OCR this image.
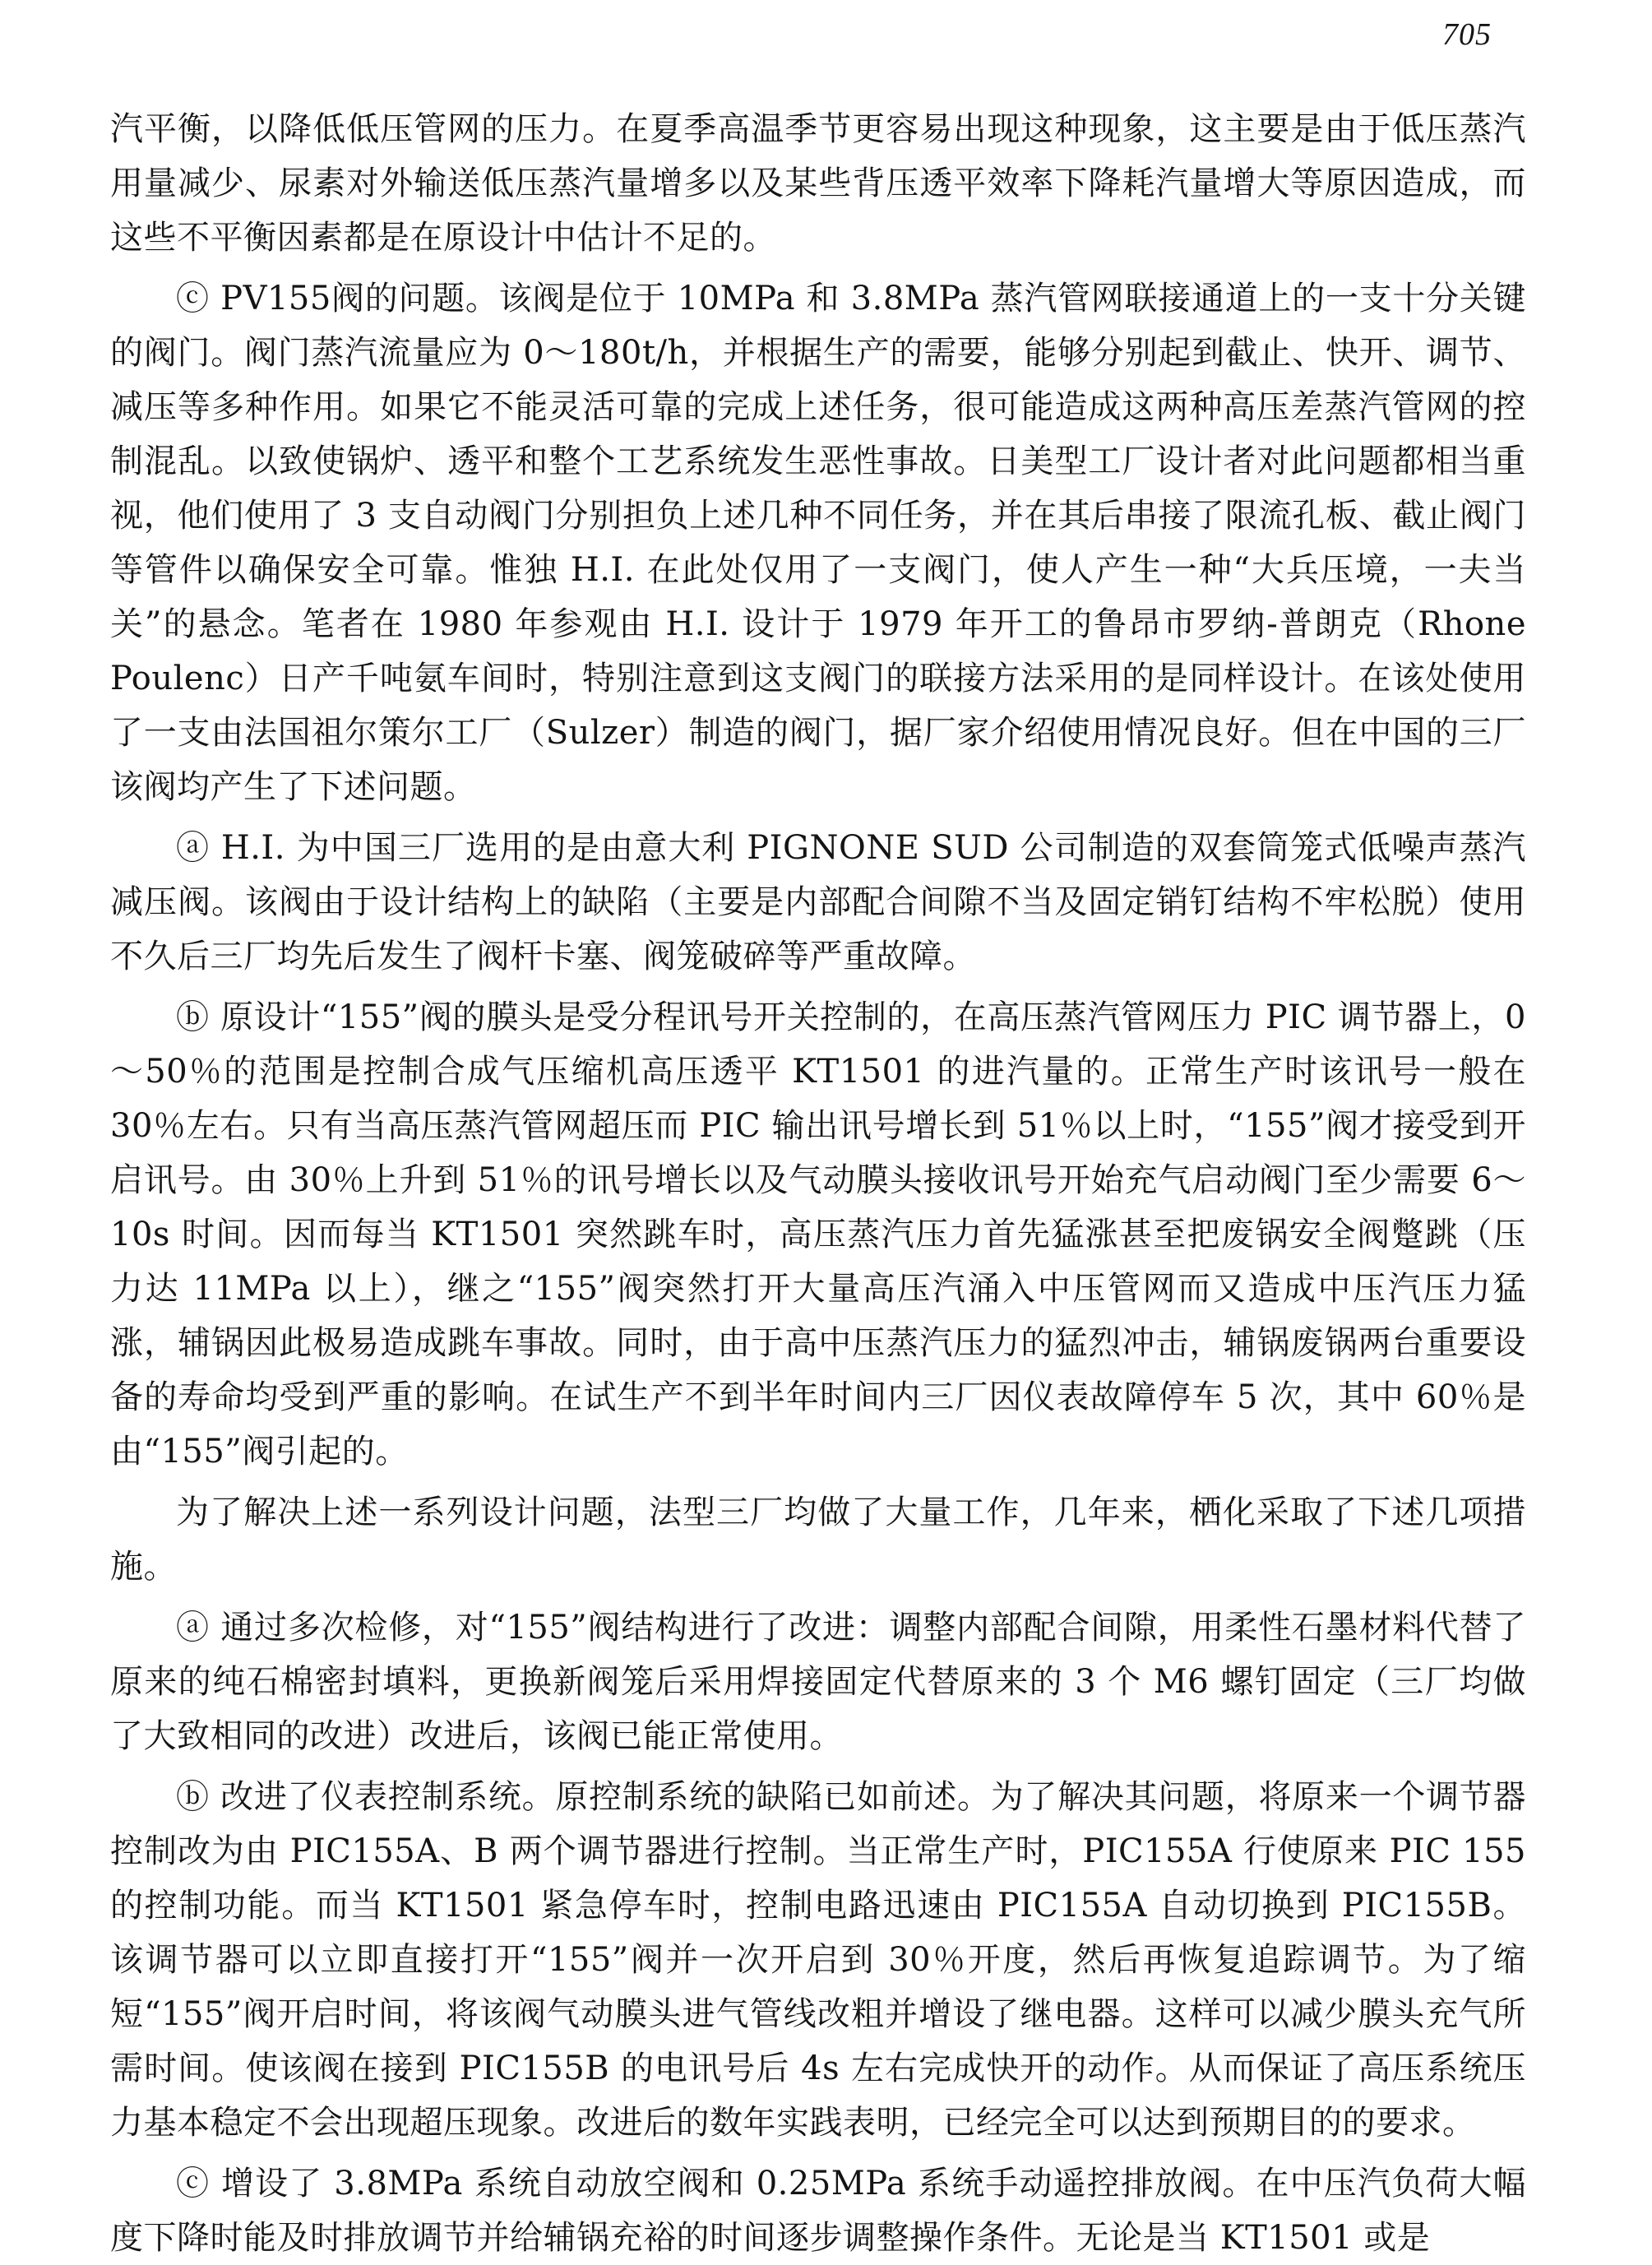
705

汽平衡，以降低低压管网的压力。在夏季高温季节更容易出现这种现象，这主要是由于低压蒸汽用量减少、尿素对外输送低压蒸汽量增多以及某些背压透平效率下降耗汽量增大等原因造成，而这些不平衡因素都是在原设计中估计不足的。

ⓒ PV155阀的问题。该阀是位于 10MPa 和 3.8MPa 蒸汽管网联接通道上的一支十分关键的阀门。阀门蒸汽流量应为 0～180t/h，并根据生产的需要，能够分别起到截止、快开、调节、减压等多种作用。如果它不能灵活可靠的完成上述任务，很可能造成这两种高压差蒸汽管网的控制混乱。以致使锅炉、透平和整个工艺系统发生恶性事故。日美型工厂设计者对此问题都相当重视，他们使用了 3 支自动阀门分别担负上述几种不同任务，并在其后串接了限流孔板、截止阀门等管件以确保安全可靠。惟独 H.I. 在此处仅用了一支阀门，使人产生一种“大兵压境，一夫当关”的悬念。笔者在 1980 年参观由 H.I. 设计于 1979 年开工的鲁昂市罗纳-普朗克（Rhone Poulenc）日产千吨氨车间时，特别注意到这支阀门的联接方法采用的是同样设计。在该处使用了一支由法国祖尔策尔工厂（Sulzer）制造的阀门，据厂家介绍使用情况良好。但在中国的三厂该阀均产生了下述问题。

ⓐ H.I. 为中国三厂选用的是由意大利 PIGNONE SUD 公司制造的双套筒笼式低噪声蒸汽减压阀。该阀由于设计结构上的缺陷（主要是内部配合间隙不当及固定销钉结构不牢松脱）使用不久后三厂均先后发生了阀杆卡塞、阀笼破碎等严重故障。

ⓑ 原设计“155”阀的膜头是受分程讯号开关控制的，在高压蒸汽管网压力 PIC 调节器上，0～50％的范围是控制合成气压缩机高压透平 KT1501 的进汽量的。正常生产时该讯号一般在 30％左右。只有当高压蒸汽管网超压而 PIC 输出讯号增长到 51％以上时，“155”阀才接受到开启讯号。由 30％上升到 51％的讯号增长以及气动膜头接收讯号开始充气启动阀门至少需要 6～10s 时间。因而每当 KT1501 突然跳车时，高压蒸汽压力首先猛涨甚至把废锅安全阀蹩跳（压力达 11MPa 以上），继之“155”阀突然打开大量高压汽涌入中压管网而又造成中压汽压力猛涨，辅锅因此极易造成跳车事故。同时，由于高中压蒸汽压力的猛烈冲击，辅锅废锅两台重要设备的寿命均受到严重的影响。在试生产不到半年时间内三厂因仪表故障停车 5 次，其中 60％是由“155”阀引起的。

为了解决上述一系列设计问题，法型三厂均做了大量工作，几年来，栖化采取了下述几项措施。

ⓐ 通过多次检修，对“155”阀结构进行了改进：调整内部配合间隙，用柔性石墨材料代替了原来的纯石棉密封填料，更换新阀笼后采用焊接固定代替原来的 3 个 M6 螺钉固定（三厂均做了大致相同的改进）改进后，该阀已能正常使用。

ⓑ 改进了仪表控制系统。原控制系统的缺陷已如前述。为了解决其问题，将原来一个调节器控制改为由 PIC155A、B 两个调节器进行控制。当正常生产时，PIC155A 行使原来 PIC 155 的控制功能。而当 KT1501 紧急停车时，控制电路迅速由 PIC155A 自动切换到 PIC155B。该调节器可以立即直接打开“155”阀并一次开启到 30％开度，然后再恢复追踪调节。为了缩短“155”阀开启时间，将该阀气动膜头进气管线改粗并增设了继电器。这样可以减少膜头充气所需时间。使该阀在接到 PIC155B 的电讯号后 4s 左右完成快开的动作。从而保证了高压系统压力基本稳定不会出现超压现象。改进后的数年实践表明，已经完全可以达到预期目的的要求。

ⓒ 增设了 3.8MPa 系统自动放空阀和 0.25MPa 系统手动遥控排放阀。在中压汽负荷大幅度下降时能及时排放调节并给辅锅充裕的时间逐步调整操作条件。无论是当 KT1501 或是
